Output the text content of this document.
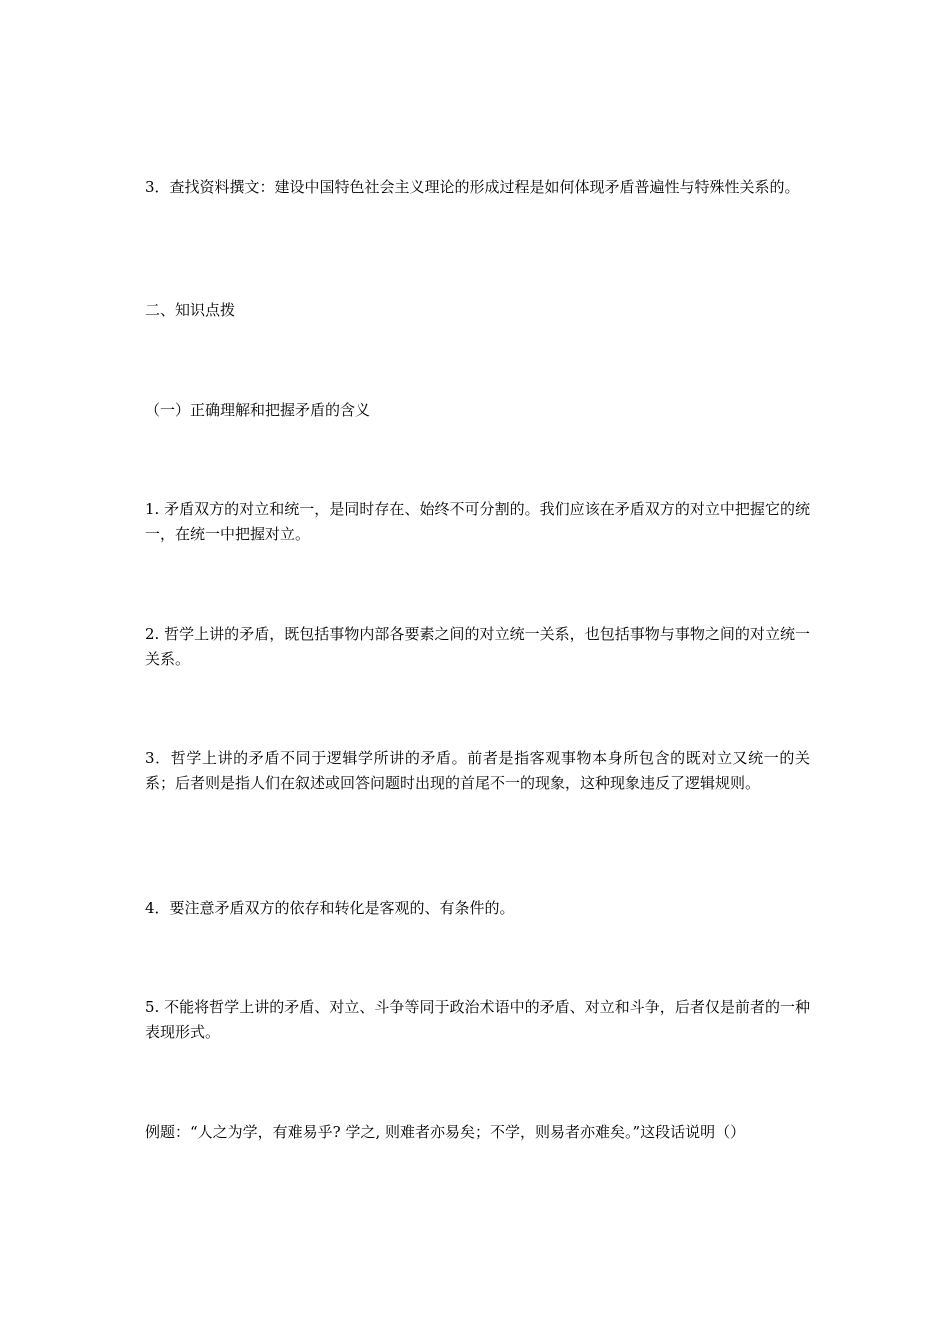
3．查找资料撰文：建设中国特色社会主义理论的形成过程是如何体现矛盾普遍性与特殊性关系的。

二、知识点拨

（一）正确理解和把握矛盾的含义

1. 矛盾双方的对立和统一，是同时存在、始终不可分割的。我们应该在矛盾双方的对立中把握它的统一，在统一中把握对立。

2. 哲学上讲的矛盾，既包括事物内部各要素之间的对立统一关系，也包括事物与事物之间的对立统一关系。

3．哲学上讲的矛盾不同于逻辑学所讲的矛盾。前者是指客观事物本身所包含的既对立又统一的关系；后者则是指人们在叙述或回答问题时出现的首尾不一的现象，这种现象违反了逻辑规则。

4．要注意矛盾双方的依存和转化是客观的、有条件的。

5. 不能将哲学上讲的矛盾、对立、斗争等同于政治术语中的矛盾、对立和斗争，后者仅是前者的一种表现形式。

例题：“人之为学，有难易乎? 学之, 则难者亦易矣；不学，则易者亦难矣。”这段话说明（）
